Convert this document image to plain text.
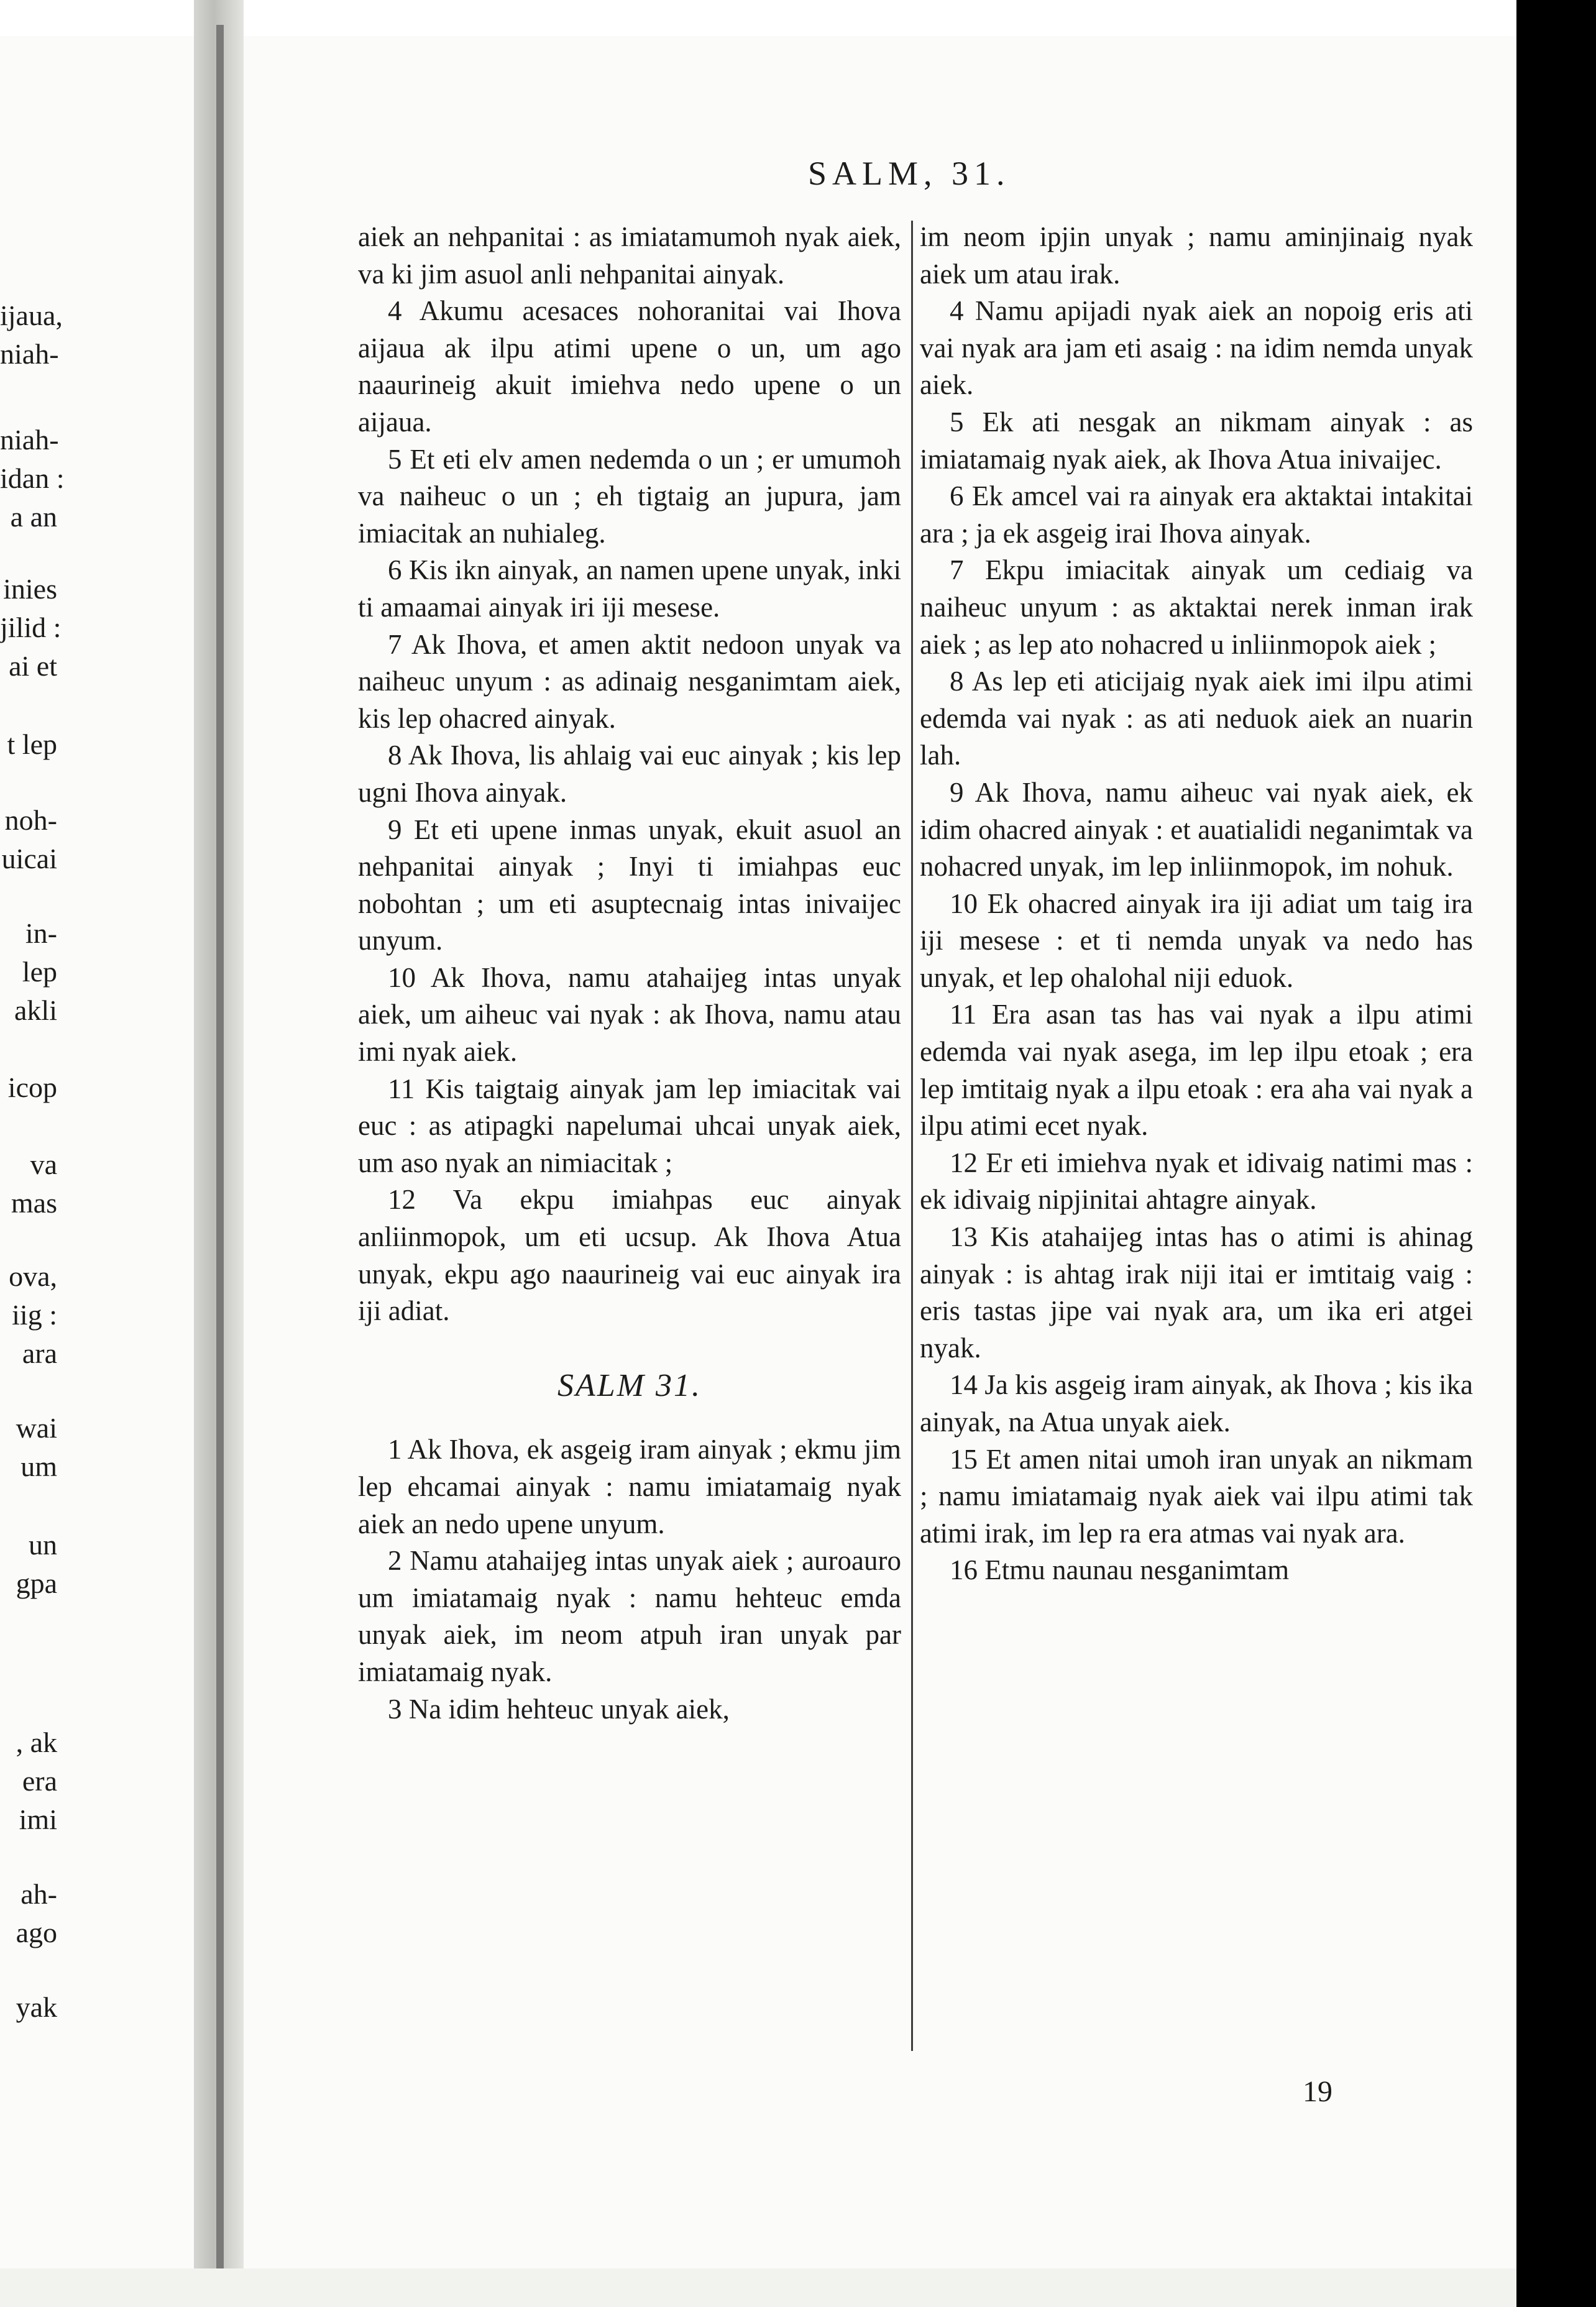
ijaua,
niah-
niah-
idan :
a an
inies
jilid :
ai et
t lep
noh-
uicai
in-
lep
akli
icop
va
mas
ova,
iig :
ara
wai
um
un
gpa
, ak
era
imi
ah-
ago
yak
SALM, 31.

aiek an nehpanitai : as imiatamumoh nyak aiek, va ki jim asuol anli nehpanitai ainyak.

4 Akumu acesaces nohoranitai vai Ihova aijaua ak ilpu atimi upene o un, um ago naaurineig akuit imiehva nedo upene o un aijaua.

5 Et eti elv amen nedemda o un ; er umumoh va naiheuc o un ; eh tigtaig an jupura, jam imiacitak an nuhialeg.

6 Kis ikn ainyak, an namen upene unyak, inki ti amaamai ainyak iri iji mesese.

7 Ak Ihova, et amen aktit nedoon unyak va naiheuc unyum : as adinaig nesganimtam aiek, kis lep ohacred ainyak.

8 Ak Ihova, lis ahlaig vai euc ainyak ; kis lep ugni Ihova ainyak.

9 Et eti upene inmas unyak, ekuit asuol an nehpanitai ainyak ; Inyi ti imiahpas euc nobohtan ; um eti asuptecnaig intas inivaijec unyum.

10 Ak Ihova, namu atahaijeg intas unyak aiek, um aiheuc vai nyak : ak Ihova, namu atau imi nyak aiek.

11 Kis taigtaig ainyak jam lep imiacitak vai euc : as atipagki napelumai uhcai unyak aiek, um aso nyak an nimiacitak ;

12 Va ekpu imiahpas euc ainyak anliinmopok, um eti ucsup. Ak Ihova Atua unyak, ekpu ago naaurineig vai euc ainyak ira iji adiat.

SALM 31.

1 Ak Ihova, ek asgeig iram ainyak ; ekmu jim lep ehcamai ainyak : namu imiatamaig nyak aiek an nedo upene unyum.

2 Namu atahaijeg intas unyak aiek ; auroauro um imiatamaig nyak : namu hehteuc emda unyak aiek, im neom atpuh iran unyak par imiatamaig nyak.

3 Na idim hehteuc unyak aiek,

im neom ipjin unyak ; namu aminjinaig nyak aiek um atau irak.

4 Namu apijadi nyak aiek an nopoig eris ati vai nyak ara jam eti asaig : na idim nemda unyak aiek.

5 Ek ati nesgak an nikmam ainyak : as imiatamaig nyak aiek, ak Ihova Atua inivaijec.

6 Ek amcel vai ra ainyak era aktaktai intakitai ara ; ja ek asgeig irai Ihova ainyak.

7 Ekpu imiacitak ainyak um cediaig va naiheuc unyum : as aktaktai nerek inman irak aiek ; as lep ato nohacred u inliinmopok aiek ;

8 As lep eti aticijaig nyak aiek imi ilpu atimi edemda vai nyak : as ati neduok aiek an nuarin lah.

9 Ak Ihova, namu aiheuc vai nyak aiek, ek idim ohacred ainyak : et auatialidi neganimtak va nohacred unyak, im lep inliinmopok, im nohuk.

10 Ek ohacred ainyak ira iji adiat um taig ira iji mesese : et ti nemda unyak va nedo has unyak, et lep ohalohal niji eduok.

11 Era asan tas has vai nyak a ilpu atimi edemda vai nyak asega, im lep ilpu etoak ; era lep imtitaig nyak a ilpu etoak : era aha vai nyak a ilpu atimi ecet nyak.

12 Er eti imiehva nyak et idivaig natimi mas : ek idivaig nipjinitai ahtagre ainyak.

13 Kis atahaijeg intas has o atimi is ahinag ainyak : is ahtag irak niji itai er imtitaig vaig : eris tastas jipe vai nyak ara, um ika eri atgei nyak.

14 Ja kis asgeig iram ainyak, ak Ihova ; kis ika ainyak, na Atua unyak aiek.

15 Et amen nitai umoh iran unyak an nikmam ; namu imiatamaig nyak aiek vai ilpu atimi tak atimi irak, im lep ra era atmas vai nyak ara.

16 Etmu naunau nesganimtam

19
